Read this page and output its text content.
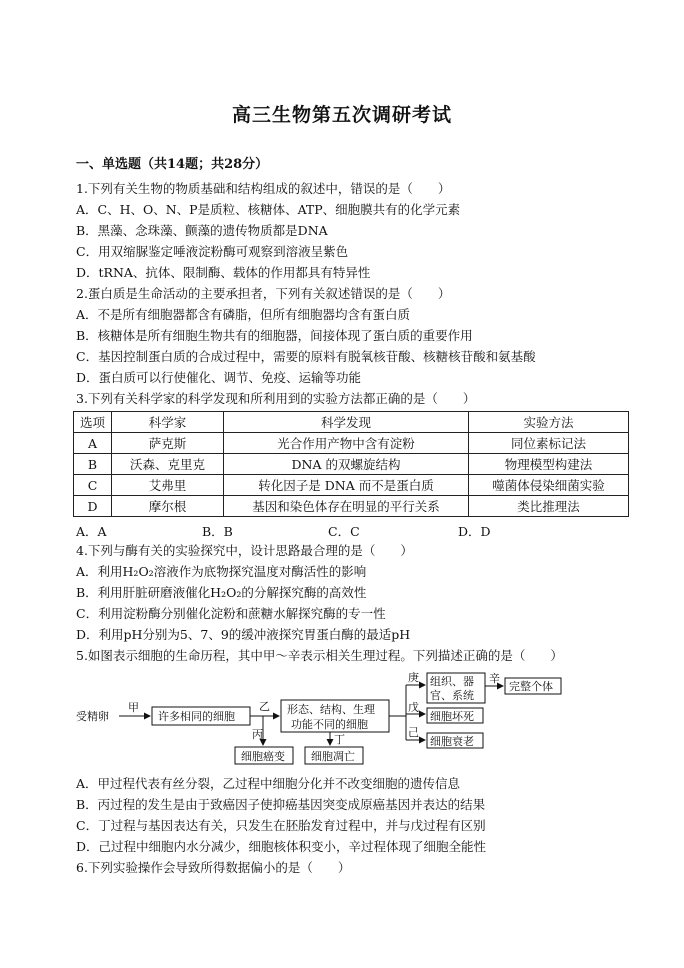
高三生物第五次调研考试
一、单选题（共14题；共28分）
1.下列有关生物的物质基础和结构组成的叙述中，错误的是（　　）
A．C、H、O、N、P是质粒、核糖体、ATP、细胞膜共有的化学元素
B．黑藻、念珠藻、颤藻的遗传物质都是DNA
C．用双缩脲鉴定唾液淀粉酶可观察到溶液呈紫色
D．tRNA、抗体、限制酶、载体的作用都具有特异性
2.蛋白质是生命活动的主要承担者，下列有关叙述错误的是（　　）
A．不是所有细胞器都含有磷脂，但所有细胞器均含有蛋白质
B．核糖体是所有细胞生物共有的细胞器，间接体现了蛋白质的重要作用
C．基因控制蛋白质的合成过程中，需要的原料有脱氧核苷酸、核糖核苷酸和氨基酸
D．蛋白质可以行使催化、调节、免疫、运输等功能
3.下列有关科学家的科学发现和所利用到的实验方法都正确的是（　　）
选项	科学家	科学发现	实验方法
A	萨克斯	光合作用产物中含有淀粉	同位素标记法
B	沃森、克里克	DNA 的双螺旋结构	物理模型构建法
C	艾弗里	转化因子是 DNA 而不是蛋白质	噬菌体侵染细菌实验
D	摩尔根	基因和染色体存在明显的平行关系	类比推理法
A．A	B．B	C．C	D．D
4.下列与酶有关的实验探究中，设计思路最合理的是（　　）
A．利用H₂O₂溶液作为底物探究温度对酶活性的影响
B．利用肝脏研磨液催化H₂O₂的分解探究酶的高效性
C．利用淀粉酶分别催化淀粉和蔗糖水解探究酶的专一性
D．利用pH分别为5、7、9的缓冲液探究胃蛋白酶的最适pH
5.如图表示细胞的生命历程，其中甲～辛表示相关生理过程。下列描述正确的是（　　）
受精卵
甲
许多相同的细胞
乙 形态、结构、生理
功能不同的细胞
丙	丁
细胞癌变 细胞凋亡
庚 组织、器
官、系统
辛
完整个体
戊
细胞坏死
己
细胞衰老
A．甲过程代表有丝分裂，乙过程中细胞分化并不改变细胞的遗传信息
B．丙过程的发生是由于致癌因子使抑癌基因突变成原癌基因并表达的结果
C．丁过程与基因表达有关，只发生在胚胎发育过程中，并与戊过程有区别
D．己过程中细胞内水分减少，细胞核体积变小，辛过程体现了细胞全能性
6.下列实验操作会导致所得数据偏小的是（　　）
